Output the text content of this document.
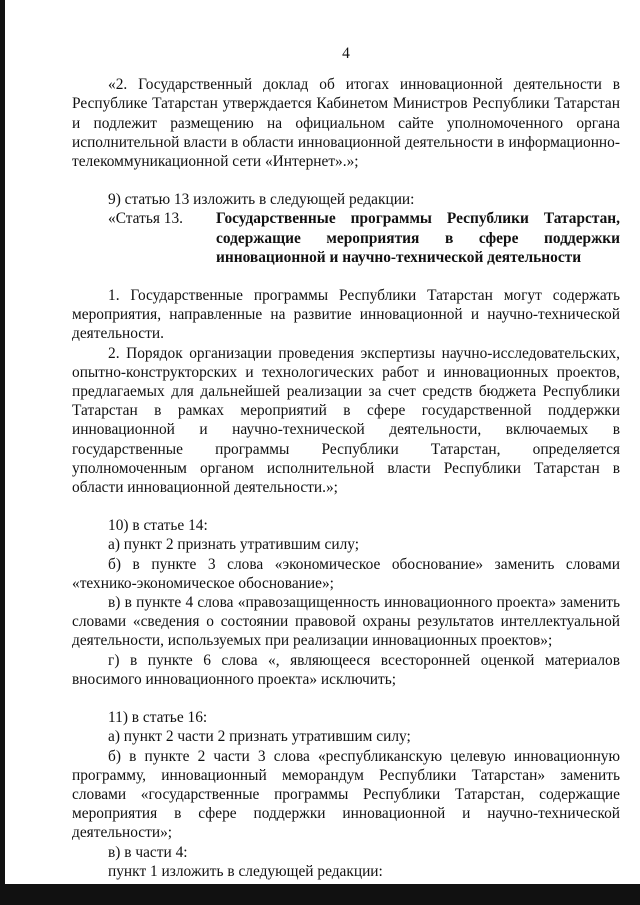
4

«2. Государственный доклад об итогах инновационной деятельности в Республике Татарстан утверждается Кабинетом Министров Республики Татарстан и подлежит размещению на официальном сайте уполномоченного органа исполнительной власти в области инновационной деятельности в информационно-телекоммуникационной сети «Интернет».»;

9) статью 13 изложить в следующей редакции:

«Статья 13.	Государственные программы Республики Татарстан, содержащие мероприятия в сфере поддержки инновационной и научно-технической деятельности

1. Государственные программы Республики Татарстан могут содержать мероприятия, направленные на развитие инновационной и научно-технической деятельности.

2. Порядок организации проведения экспертизы научно-исследовательских, опытно-конструкторских и технологических работ и инновационных проектов, предлагаемых для дальнейшей реализации за счет средств бюджета Республики Татарстан в рамках мероприятий в сфере государственной поддержки инновационной и научно-технической деятельности, включаемых в государственные программы Республики Татарстан, определяется уполномоченным органом исполнительной власти Республики Татарстан в области инновационной деятельности.»;

10) в статье 14:

а) пункт 2 признать утратившим силу;

б) в пункте 3 слова «экономическое обоснование» заменить словами «технико-экономическое обоснование»;

в) в пункте 4 слова «правозащищенность инновационного проекта» заменить словами «сведения о состоянии правовой охраны результатов интеллектуальной деятельности, используемых при реализации инновационных проектов»;

г) в пункте 6 слова «, являющееся всесторонней оценкой материалов вносимого инновационного проекта» исключить;

11) в статье 16:

а) пункт 2 части 2 признать утратившим силу;

б) в пункте 2 части 3 слова «республиканскую целевую инновационную программу, инновационный меморандум Республики Татарстан» заменить словами «государственные программы Республики Татарстан, содержащие мероприятия в сфере поддержки инновационной и научно-технической деятельности»;

в) в части 4:

пункт 1 изложить в следующей редакции:
